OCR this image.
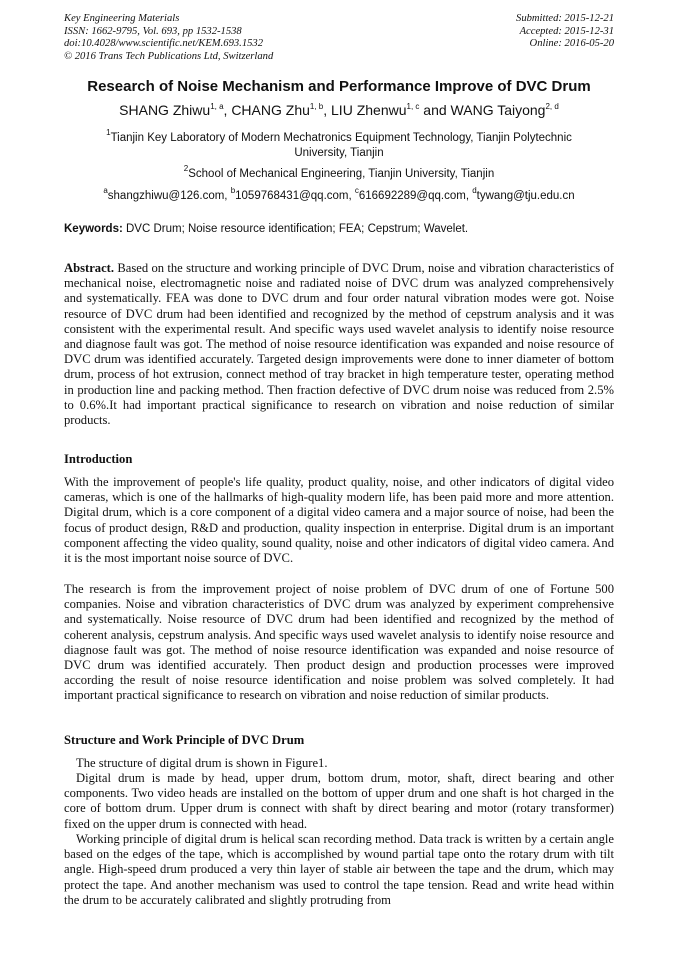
Key Engineering Materials
ISSN: 1662-9795, Vol. 693, pp 1532-1538
doi:10.4028/www.scientific.net/KEM.693.1532
© 2016 Trans Tech Publications Ltd, Switzerland
Submitted: 2015-12-21
Accepted: 2015-12-31
Online: 2016-05-20
Research of Noise Mechanism and Performance Improve of DVC Drum
SHANG Zhiwu$^{1, a}$, CHANG Zhu$^{1, b}$, LIU Zhenwu$^{1, c}$ and WANG Taiyong$^{2, d}$
$^1$Tianjin Key Laboratory of Modern Mechatronics Equipment Technology, Tianjin Polytechnic University, Tianjin
$^2$School of Mechanical Engineering, Tianjin University, Tianjin
$^a$shangzhiwu@126.com, $^b$1059768431@qq.com, $^c$616692289@qq.com, $^d$tywang@tju.edu.cn
Keywords: DVC Drum; Noise resource identification; FEA; Cepstrum; Wavelet.

Abstract. Based on the structure and working principle of DVC Drum, noise and vibration characteristics of mechanical noise, electromagnetic noise and radiated noise of DVC drum was analyzed comprehensively and systematically. FEA was done to DVC drum and four order natural vibration modes were got. Noise resource of DVC drum had been identified and recognized by the method of cepstrum analysis and it was consistent with the experimental result. And specific ways used wavelet analysis to identify noise resource and diagnose fault was got. The method of noise resource identification was expanded and noise resource of DVC drum was identified accurately. Targeted design improvements were done to inner diameter of bottom drum, process of hot extrusion, connect method of tray bracket in high temperature tester, operating method in production line and packing method. Then fraction defective of DVC drum noise was reduced from 2.5% to 0.6%.It had important practical significance to research on vibration and noise reduction of similar products.

Introduction

With the improvement of people's life quality, product quality, noise, and other indicators of digital video cameras, which is one of the hallmarks of high-quality modern life, has been paid more and more attention. Digital drum, which is a core component of a digital video camera and a major source of noise, had been the focus of product design, R&D and production, quality inspection in enterprise. Digital drum is an important component affecting the video quality, sound quality, noise and other indicators of digital video camera. And it is the most important noise source of DVC.

The research is from the improvement project of noise problem of DVC drum of one of Fortune 500 companies. Noise and vibration characteristics of DVC drum was analyzed by experiment comprehensive and systematically. Noise resource of DVC drum had been identified and recognized by the method of coherent analysis, cepstrum analysis. And specific ways used wavelet analysis to identify noise resource and diagnose fault was got. The method of noise resource identification was expanded and noise resource of DVC drum was identified accurately. Then product design and production processes were improved according the result of noise resource identification and noise problem was solved completely. It had important practical significance to research on vibration and noise reduction of similar products.

Structure and Work Principle of DVC Drum

The structure of digital drum is shown in Figure1.

Digital drum is made by head, upper drum, bottom drum, motor, shaft, direct bearing and other components. Two video heads are installed on the bottom of upper drum and one shaft is hot charged in the core of bottom drum. Upper drum is connect with shaft by direct bearing and motor (rotary transformer) fixed on the upper drum is connected with head.

Working principle of digital drum is helical scan recording method. Data track is written by a certain angle based on the edges of the tape, which is accomplished by wound partial tape onto the rotary drum with tilt angle. High-speed drum produced a very thin layer of stable air between the tape and the drum, which may protect the tape. And another mechanism was used to control the tape tension. Read and write head within the drum to be accurately calibrated and slightly protruding from
